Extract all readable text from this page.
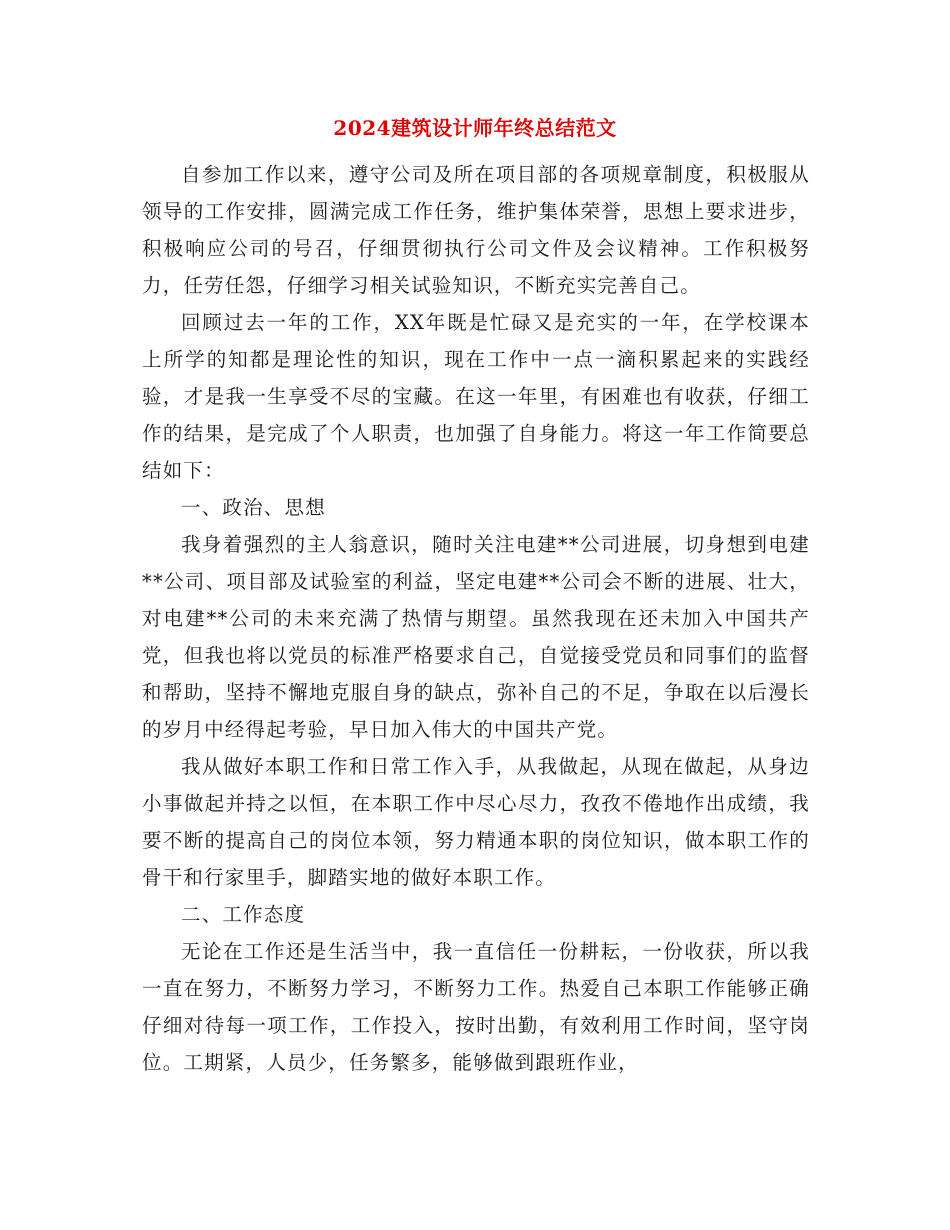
2024建筑设计师年终总结范文

自参加工作以来，遵守公司及所在项目部的各项规章制度，积极服从领导的工作安排，圆满完成工作任务，维护集体荣誉，思想上要求进步，积极响应公司的号召，仔细贯彻执行公司文件及会议精神。工作积极努力，任劳任怨，仔细学习相关试验知识，不断充实完善自己。

回顾过去一年的工作，XX年既是忙碌又是充实的一年，在学校课本上所学的知都是理论性的知识，现在工作中一点一滴积累起来的实践经验，才是我一生享受不尽的宝藏。在这一年里，有困难也有收获，仔细工作的结果，是完成了个人职责，也加强了自身能力。将这一年工作简要总结如下：

一、政治、思想

我身着强烈的主人翁意识，随时关注电建**公司进展，切身想到电建**公司、项目部及试验室的利益，坚定电建**公司会不断的进展、壮大，对电建**公司的未来充满了热情与期望。虽然我现在还未加入中国共产党，但我也将以党员的标准严格要求自己，自觉接受党员和同事们的监督和帮助，坚持不懈地克服自身的缺点，弥补自己的不足，争取在以后漫长的岁月中经得起考验，早日加入伟大的中国共产党。

我从做好本职工作和日常工作入手，从我做起，从现在做起，从身边小事做起并持之以恒，在本职工作中尽心尽力，孜孜不倦地作出成绩，我要不断的提高自己的岗位本领，努力精通本职的岗位知识，做本职工作的骨干和行家里手，脚踏实地的做好本职工作。

二、工作态度

无论在工作还是生活当中，我一直信任一份耕耘，一份收获，所以我一直在努力，不断努力学习，不断努力工作。热爱自己本职工作能够正确仔细对待每一项工作，工作投入，按时出勤，有效利用工作时间，坚守岗位。工期紧，人员少，任务繁多，能够做到跟班作业，
